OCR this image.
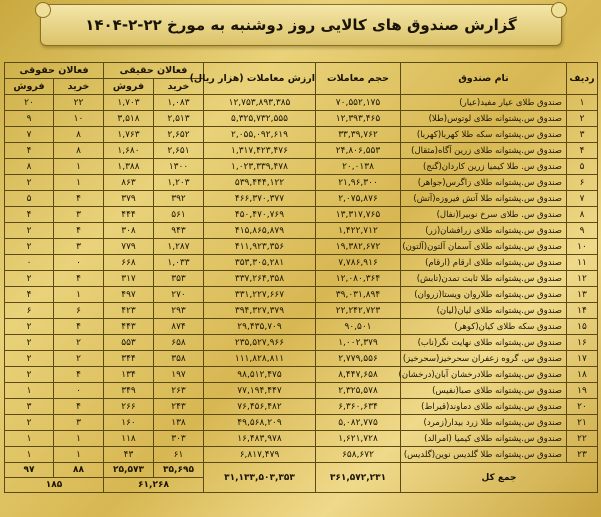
گزارش صندوق های کالایی روز دوشنبه به مورخ ۲۲-۲-۱۴۰۴
ردیف	نام صندوق	حجم معاملات	ارزش معاملات (هزار ریال)	فعالان حقیقی		فعالان حقوقی	
				خرید	فروش	خرید	فروش
۱	صندوق طلای عیار مفید(عیار)	۷۰,۵۵۲,۱۷۵	۱۲,۷۵۳,۸۹۳,۳۸۵	۱,۰۸۳	۱,۷۰۳	۲۲	۲۰
۲	صندوق س.پشتوانه طلای لوتوس(طلا)	۱۲,۳۹۳,۴۶۵	۵,۳۲۵,۷۳۲,۵۵۵	۲,۵۱۳	۳,۵۱۸	۱۰	۹
۳	صندوق س.پشتوانه سکه طلا کهربا(کهربا)	۳۳,۳۹,۷۶۲	۲,۰۵۵,۰۹۲,۶۱۹	۲,۶۵۲	۱,۷۶۳	۸	۷
۴	صندوق س.پشتوانه طلای زرین آگاه(مثقال)	۲۴,۸۰۶,۵۵۳	۱,۳۱۷,۴۲۳,۴۷۶	۲,۶۵۱	۱,۶۸۰	۸	۴
۵	صندوق س. طلا کیمیا زرین کاردان(گنج)	۲۰,۰۱۳۸	۱,۰۲۳,۳۳۹,۴۷۸	۱۳۰۰	۱,۳۸۸	۱	۸
۶	صندوق س.پشتوانه طلای زاگرس(جواهر)	۲۱,۹۶,۳۰۰	۵۳۹,۴۴۴,۱۲۲	۱,۲۰۳	۸۶۳	۱	۲
۷	صندوق س.پشتوانه طلا آتش فیروزه(آتش)	۲,۰۷۵,۸۷۶	۴۶۶,۳۷۰,۳۷۷	۳۹۲	۳۷۹	۴	۵
۸	صندوق س. طلای سرخ نوبیرا(نفال)	۱۳,۳۱۷,۷۶۵	۴۵۰,۴۷۰,۷۶۹	۵۶۱	۴۴۴	۳	۴
۹	صندوق س.پشتوانه طلای زرافشان(زر)	۱,۴۲۲,۷۱۲	۴۱۵,۸۶۵,۸۷۹	۹۴۳	۳۰۸	۴	۲
۱۰	صندوق س.پشتوانه طلای آسمان آلتون(آلتون)	۱۹,۳۸۲,۶۷۲	۴۱۱,۹۲۳,۳۵۶	۱,۲۸۷	۷۷۹	۳	۲
۱۱	صندوق س.پشتوانه طلای ارقام (ارقام)	۷,۷۸۶,۹۱۶	۳۵۳,۳۰۵,۲۸۱	۱,۰۳۳	۶۶۸	۰	۰
۱۲	صندوق س.پشتوانه طلا ثابت تمدن(تابش)	۱۲,۰۸۰,۳۶۴	۳۳۷,۲۶۴,۳۵۸	۳۵۳	۳۱۷	۴	۲
۱۳	صندوق س.پشتوانه طلاروان ویستا(زروان)	۳۹,۰۳۱,۸۹۴	۳۳۱,۲۲۷,۶۶۷	۲۷۰	۴۹۷	۱	۴
۱۴	صندوق س.پشتوانه طلای لیان(لیان)	۲۲,۲۴۲,۷۲۳	۳۹۴,۳۲۷,۳۷۹	۲۹۳	۴۲۳	۶	۶
۱۵	صندوق سکه طلای کیان(کوهر)	۹۰,۵۰۱	۲۹,۴۳۵,۷۰۹	۸۷۴	۴۴۳	۴	۲
۱۶	صندوق س.پشتوانه طلای نهایت نگر(ناب)	۱,۰۰۲,۳۷۹	۲۳۵,۵۲۷,۹۶۶	۶۵۸	۵۵۳	۲	۲
۱۷	صندوق س. گروه زعفران سحرخیز(سحرخیز)	۲,۷۷۹,۵۵۶	۱۱۱,۸۲۸,۸۱۱	۳۵۸	۳۴۴	۲	۲
۱۸	صندوق س.پشتوانه طلادرخشان آبان(درخشان)	۸,۴۴۷,۶۵۸	۹۸,۵۱۲,۴۷۵	۱۹۷	۱۳۴	۴	۲
۱۹	صندوق س.پشتوانه طلای صبا(نفیس)	۲,۳۲۵,۵۷۸	۷۷,۱۹۴,۴۴۷	۲۶۳	۳۴۹	۰	۱
۲۰	صندوق س.پشتوانه طلای دماوند(قیراط)	۶,۳۶۰,۶۳۴	۷۶,۴۵۶,۴۸۲	۲۴۳	۲۶۶	۴	۳
۲۱	صندوق س.پشتوانه طلا زرد بیدار(زمرد)	۵,۰۸۲,۷۷۵	۴۹,۵۶۸,۲۰۹	۱۳۸	۱۶۰	۳	۲
۲۲	صندوق س.پشتوانه طلای کیمیا (امرالد)	۱,۶۲۱,۷۲۸	۱۶,۴۸۳,۹۷۸	۳۰۳	۱۱۸	۱	۱
۲۳	صندوق س.پشتوانه طلا گلدیس نوین(گلدیس)	۶۵۸,۶۷۲	۶,۸۱۷,۴۷۹	۶۱	۴۳	۱	۱
جمع کل		۳۶۱,۵۷۲,۲۳۱	۳۱,۱۳۳,۵۰۳,۳۵۳	۳۵,۶۹۵	۲۵,۵۷۳	۸۸	۹۷
				۶۱,۲۶۸		۱۸۵	
